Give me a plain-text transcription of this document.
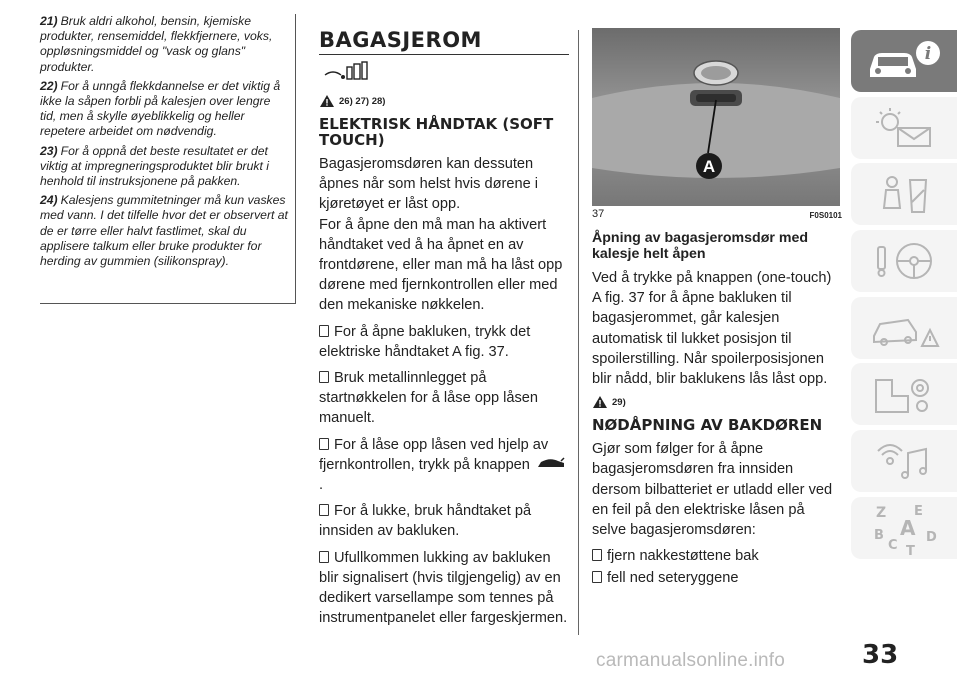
21) Bruk aldri alkohol, bensin, kjemiske produkter, rensemiddel, flekkfjernere, voks, oppløsningsmiddel og "vask og glans" produkter.

22) For å unngå flekkdannelse er det viktig å ikke la såpen forbli på kalesjen over lengre tid, men å skylle øyeblikkelig og heller repetere arbeidet om nødvendig.

23) For å oppnå det beste resultatet er det viktig at impregneringsproduktet blir brukt i henhold til instruksjonene på pakken.

24) Kalesjens gummitetninger må kun vaskes med vann. I det tilfelle hvor det er observert at de er tørre eller halvt fastlimet, skal du applisere talkum eller bruke produkter for herding av gummien (silikonspray).

BAGASJEROM
26) 27) 28)
ELEKTRISK HÅNDTAK (SOFT TOUCH)

Bagasjeromsdøren kan dessuten åpnes når som helst hvis dørene i kjøretøyet er låst opp.

For å åpne den må man ha aktivert håndtaket ved å ha åpnet en av frontdørene, eller man må ha låst opp dørene med fjernkontrollen eller med den mekaniske nøkkelen.

For å åpne bakluken, trykk det elektriske håndtaket A fig. 37.

Bruk metallinnlegget på startnøkkelen for å låse opp låsen manuelt.

For å låse opp låsen ved hjelp av fjernkontrollen, trykk på knappen .

For å lukke, bruk håndtaket på innsiden av bakluken.

Ufullkommen lukking av bakluken blir signalisert (hvis tilgjengelig) av en dedikert varsellampe som tennes på instrumentpanelet eller fargeskjermen.

A
37	F0S0101
Åpning av bagasjeromsdør med kalesje helt åpen

Ved å trykke på knappen (one-touch) A fig. 37 for å åpne bakluken til bagasjerommet, går kalesjen automatisk til lukket posisjon til spoilerstilling. Når spoilerposisjonen blir nådd, blir baklukens lås låst opp.

29)
NØDÅPNING AV BAKDØREN

Gjør som følger for å åpne bagasjeromsdøren fra innsiden dersom bilbatteriet er utladd eller ved en feil på den elektriske låsen på selve bagasjeromsdøren:

fjern nakkestøttene bak

fell ned seteryggene

i
Z E
B A D
C T
33
carmanualsonline.info
